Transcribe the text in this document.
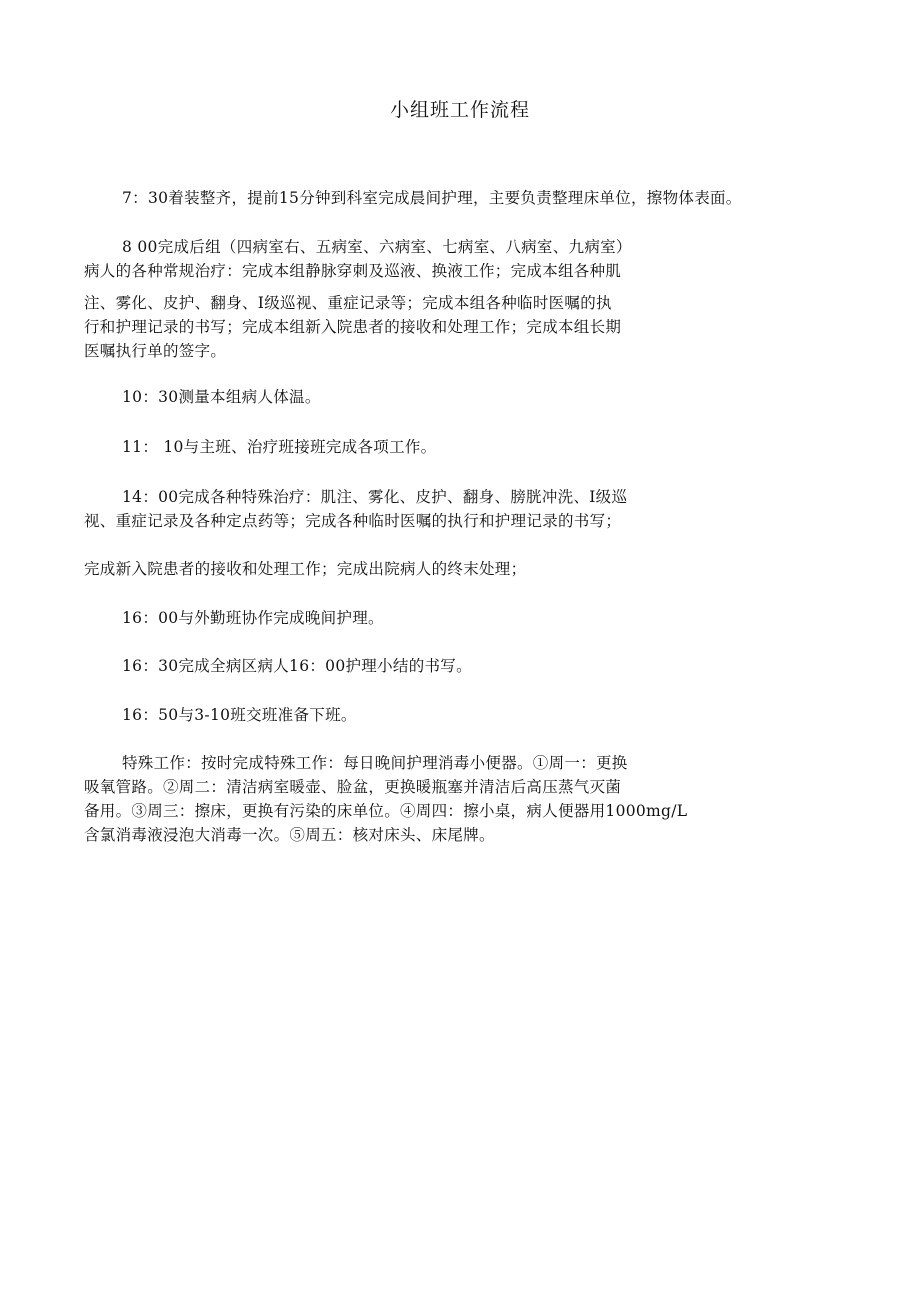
小组班工作流程
7：30着装整齐，提前15分钟到科室完成晨间护理，主要负责整理床单位，擦物体表面。
8 00完成后组（四病室右、五病室、六病室、七病室、八病室、九病室）
病人的各种常规治疗：完成本组静脉穿刺及巡液、换液工作；完成本组各种肌
注、雾化、皮护、翻身、I级巡视、重症记录等；完成本组各种临时医嘱的执
行和护理记录的书写；完成本组新入院患者的接收和处理工作；完成本组长期
医嘱执行单的签字。
10：30测量本组病人体温。
11： 10与主班、治疗班接班完成各项工作。
14：00完成各种特殊治疗：肌注、雾化、皮护、翻身、膀胱冲洗、I级巡
视、重症记录及各种定点药等；完成各种临时医嘱的执行和护理记录的书写；
完成新入院患者的接收和处理工作；完成出院病人的终末处理；
16：00与外勤班协作完成晚间护理。
16：30完成全病区病人16：00护理小结的书写。
16：50与3-10班交班准备下班。
特殊工作：按时完成特殊工作：每日晚间护理消毒小便器。①周一：更换
吸氧管路。②周二：清洁病室暖壶、脸盆，更换暖瓶塞并清洁后高压蒸气灭菌
备用。③周三：擦床，更换有污染的床单位。④周四：擦小桌，病人便器用1000mg/L
含氯消毒液浸泡大消毒一次。⑤周五：核对床头、床尾牌。
